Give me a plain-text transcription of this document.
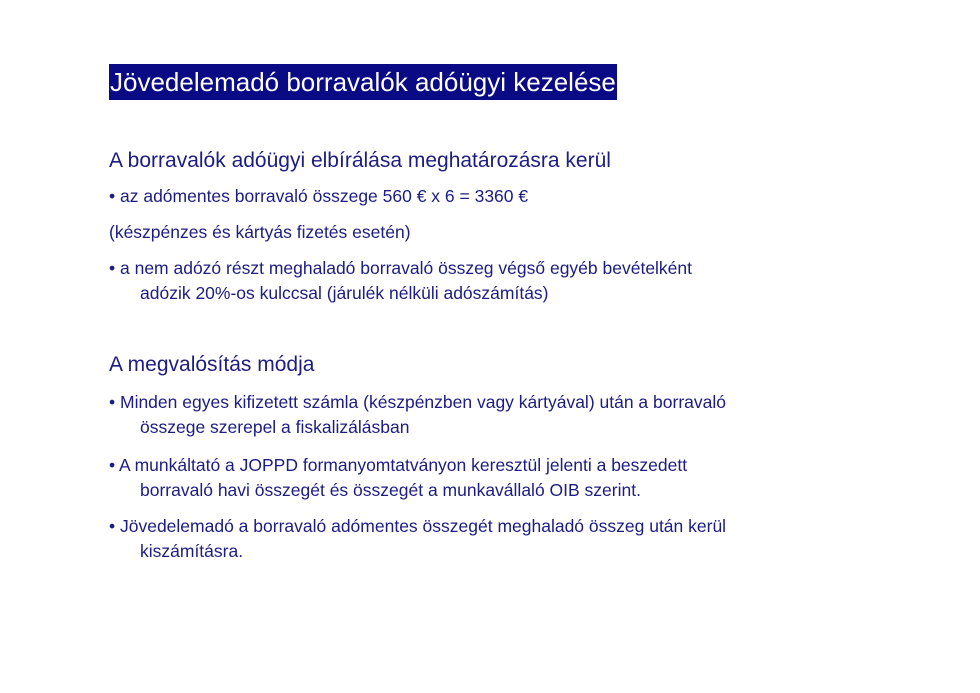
Jövedelemadó borravalók adóügyi kezelése
A borravalók adóügyi elbírálása meghatározásra kerül
• az adómentes borravaló összege 560 € x 6 = 3360 €
(készpénzes és kártyás fizetés esetén)
• a nem adózó részt meghaladó borravaló összeg végső egyéb bevételként
adózik 20%-os kulccsal (járulék nélküli adószámítás)
A megvalósítás módja
• Minden egyes kifizetett számla (készpénzben vagy kártyával) után a borravaló
összege szerepel a fiskalizálásban
• A munkáltató a JOPPD formanyomtatványon keresztül jelenti a beszedett
borravaló havi összegét és összegét a munkavállaló OIB szerint.
• Jövedelemadó a borravaló adómentes összegét meghaladó összeg után kerül
kiszámításra.
